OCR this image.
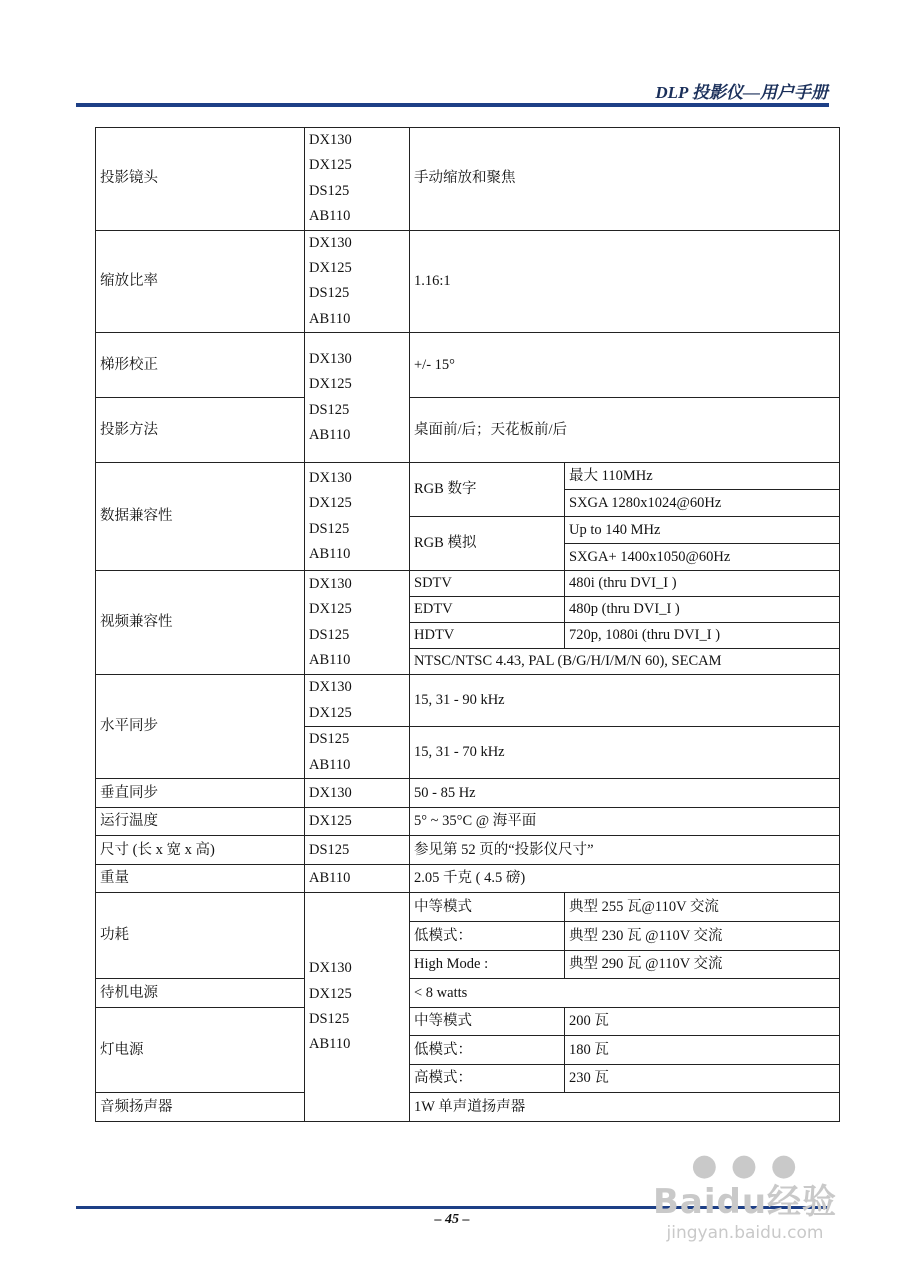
DLP 投影仪—用户手册
投影镜头	DX130
DX125
DS125
AB110	手动缩放和聚焦	
缩放比率	DX130
DX125
DS125
AB110	1.16:1	
梯形校正	DX130
DX125
DS125
AB110	+/- 15°	
投影方法		桌面前/后；天花板前/后	
数据兼容性	DX130
DX125
DS125
AB110	RGB 数字	最大 110MHz
			SXGA 1280x1024@60Hz
		RGB 模拟	Up to 140 MHz
			SXGA+ 1400x1050@60Hz
视频兼容性	DX130
DX125
DS125
AB110	SDTV	480i (thru DVI_I )
		EDTV	480p (thru DVI_I )
		HDTV	720p, 1080i (thru DVI_I )
		NTSC/NTSC 4.43, PAL (B/G/H/I/M/N 60), SECAM	
水平同步	DX130
DX125	15, 31 - 90 kHz	

	DS125
AB110	15, 31 - 70 kHz	
垂直同步	DX130	50 - 85 Hz	
运行温度	DX125	5° ~ 35°C @ 海平面	
尺寸 (长 x 宽 x 高)	DS125	参见第 52 页的“投影仪尺寸”	
重量	AB110	2.05 千克 ( 4.5 磅)	
功耗	DX130
DX125
DS125
AB110	中等模式	典型 255 瓦@110V 交流
		低模式：	典型 230 瓦 @110V 交流
		High Mode :	典型 290 瓦 @110V 交流
待机电源		< 8 watts	
灯电源		中等模式	200 瓦
		低模式：	180 瓦
		高模式：	230 瓦
音频扬声器		1W 单声道扬声器	
– 45 –
● ● ●
Baidu经验
jingyan.baidu.com
